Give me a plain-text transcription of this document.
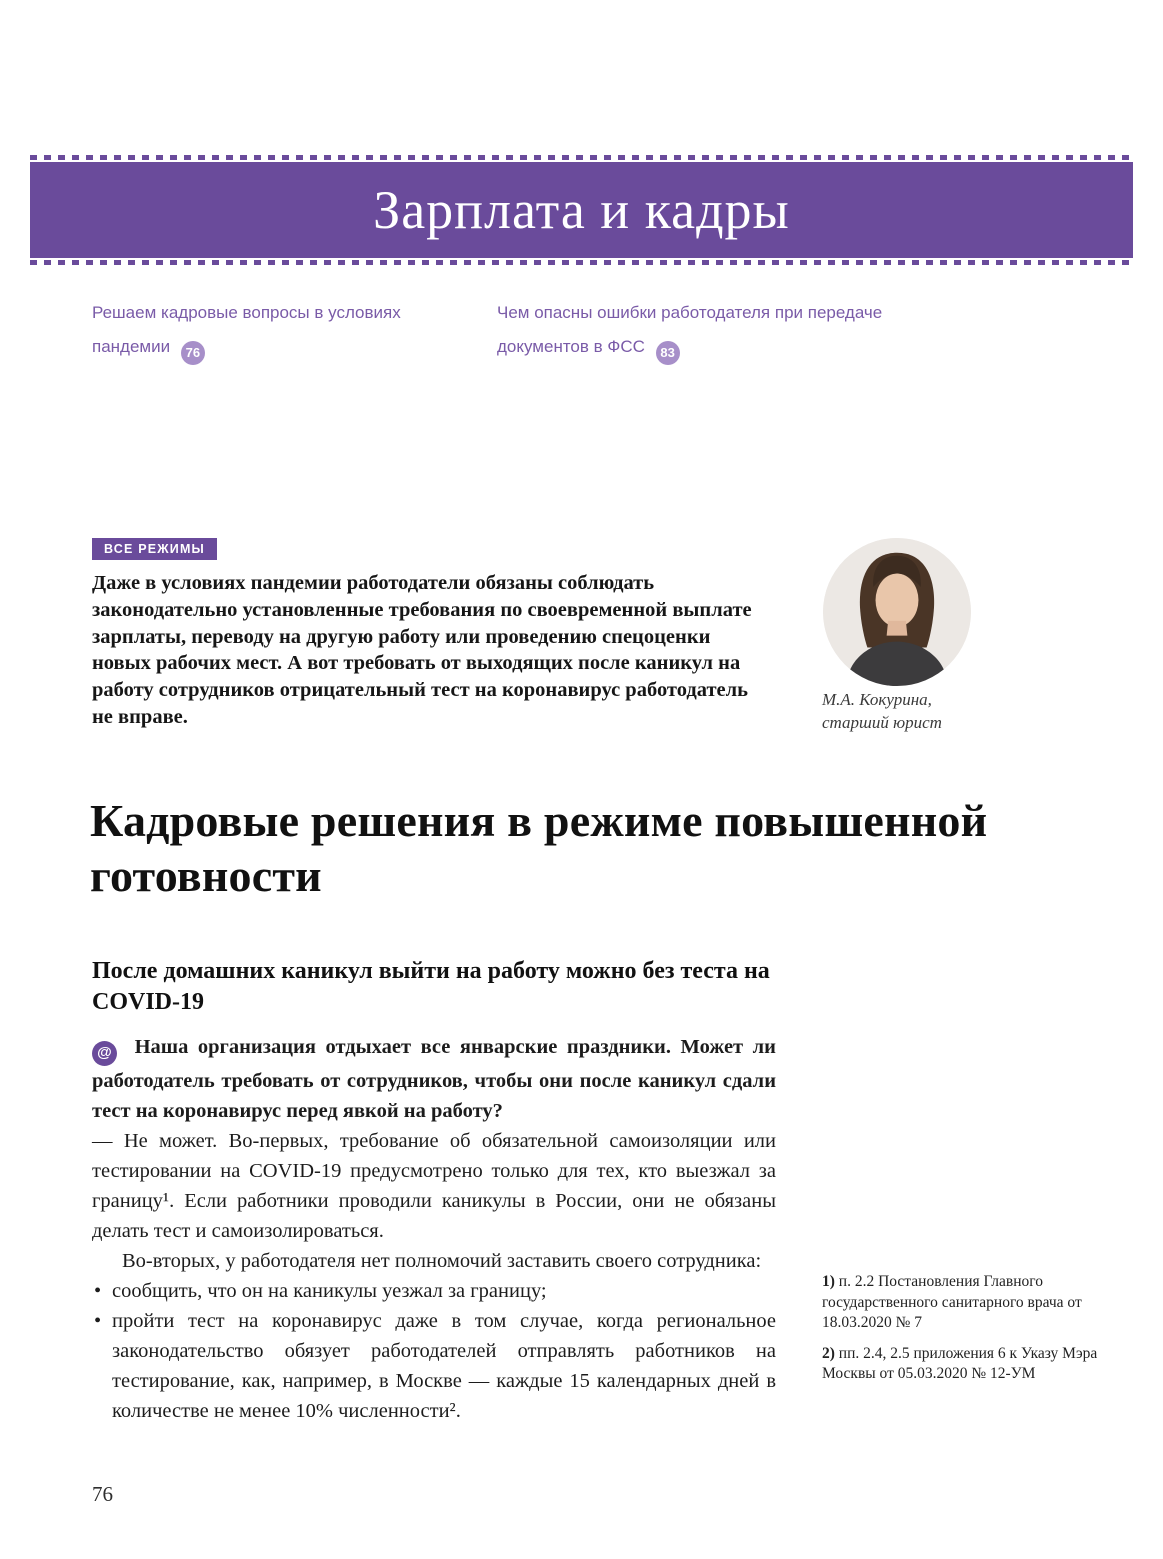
Зарплата и кадры
Решаем кадровые вопросы в условиях пандемии 76
Чем опасны ошибки работодателя при передаче документов в ФСС 83
ВСЕ РЕЖИМЫ

Даже в условиях пандемии работодатели обязаны соблюдать законодательно установленные требования по своевременной выплате зарплаты, переводу на другую работу или проведению спецоценки новых рабочих мест. А вот требовать от выходящих после каникул на работу сотрудников отрицательный тест на коронавирус работодатель не вправе.

М.А. Кокурина,
старший юрист

Кадровые решения в режиме повышенной готовности
После домашних каникул выйти на работу можно без теста на COVID-19

@ Наша организация отдыхает все январские праздники. Может ли работодатель требовать от сотрудников, чтобы они после каникул сдали тест на коронавирус перед явкой на работу?

— Не может. Во-первых, требование об обязательной самоизоляции или тестировании на COVID-19 предусмотрено только для тех, кто выезжал за границу¹. Если работники проводили каникулы в России, они не обязаны делать тест и самоизолироваться.

Во-вторых, у работодателя нет полномочий заставить своего сотрудника:

• сообщить, что он на каникулы уезжал за границу;
• пройти тест на коронавирус даже в том случае, когда региональное законодательство обязует работодателей отправлять работников на тестирование, как, например, в Москве — каждые 15 календарных дней в количестве не менее 10% численности².

1) п. 2.2 Постановления Главного государственного санитарного врача от 18.03.2020 № 7

2) пп. 2.4, 2.5 приложения 6 к Указу Мэра Москвы от 05.03.2020 № 12-УМ

76
